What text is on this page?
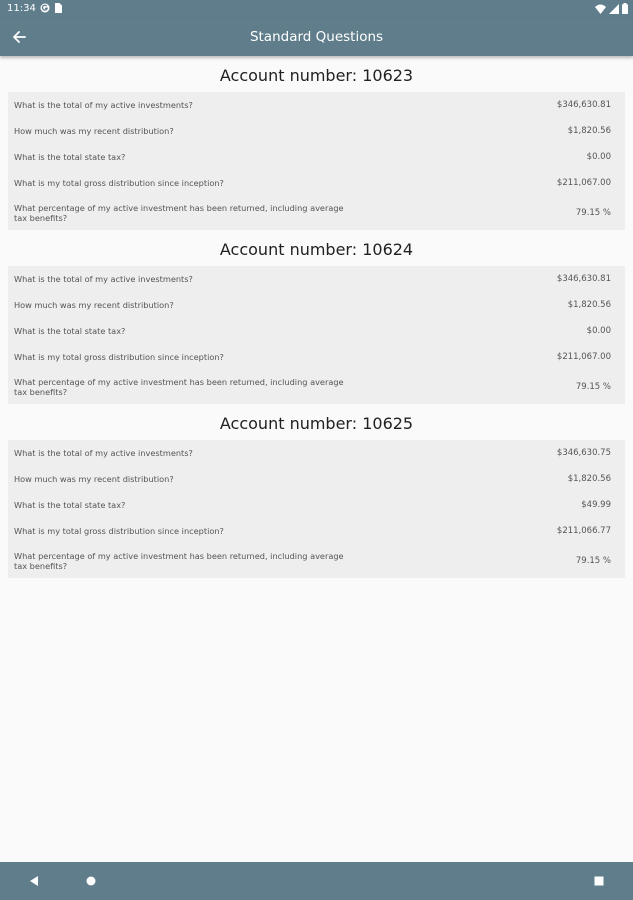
11:34
Standard Questions
Account number: 10623
What is the total of my active investments?	$346,630.81
How much was my recent distribution?	$1,820.56
What is the total state tax?	$0.00
What is my total gross distribution since inception?	$211,067.00
What percentage of my active investment has been returned, including average tax benefits?	79.15 %
Account number: 10624
What is the total of my active investments?	$346,630.81
How much was my recent distribution?	$1,820.56
What is the total state tax?	$0.00
What is my total gross distribution since inception?	$211,067.00
What percentage of my active investment has been returned, including average tax benefits?	79.15 %
Account number: 10625
What is the total of my active investments?	$346,630.75
How much was my recent distribution?	$1,820.56
What is the total state tax?	$49.99
What is my total gross distribution since inception?	$211,066.77
What percentage of my active investment has been returned, including average tax benefits?	79.15 %
